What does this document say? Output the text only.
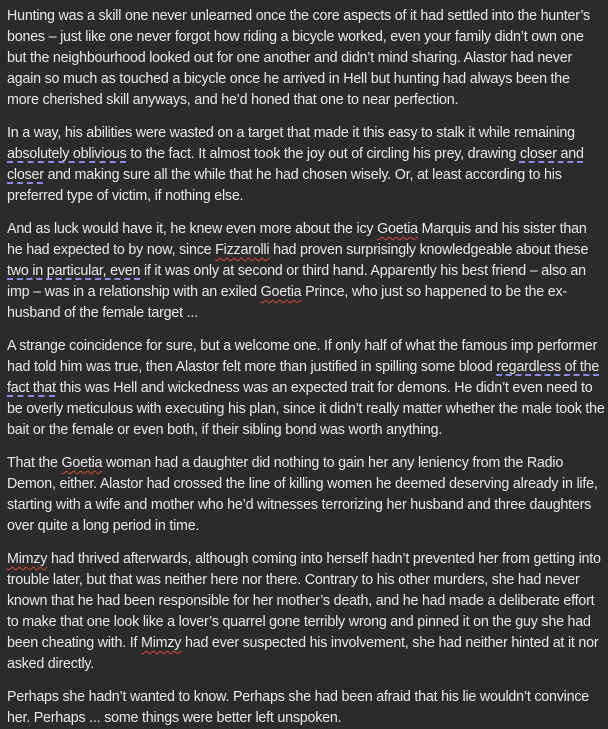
Hunting was a skill one never unlearned once the core aspects of it had settled into the hunter’s bones – just like one never forgot how riding a bicycle worked, even your family didn’t own one but the neighbourhood looked out for one another and didn’t mind sharing. Alastor had never again so much as touched a bicycle once he arrived in Hell but hunting had always been the more cherished skill anyways, and he’d honed that one to near perfection.

In a way, his abilities were wasted on a target that made it this easy to stalk it while remaining absolutely oblivious to the fact. It almost took the joy out of circling his prey, drawing closer and closer and making sure all the while that he had chosen wisely. Or, at least according to his preferred type of victim, if nothing else.

And as luck would have it, he knew even more about the icy Goetia Marquis and his sister than he had expected to by now, since Fizzarolli had proven surprisingly knowledgeable about these two in particular, even if it was only at second or third hand. Apparently his best friend – also an imp – was in a relationship with an exiled Goetia Prince, who just so happened to be the ex-husband of the female target ...

A strange coincidence for sure, but a welcome one. If only half of what the famous imp performer had told him was true, then Alastor felt more than justified in spilling some blood regardless of the fact that this was Hell and wickedness was an expected trait for demons. He didn’t even need to be overly meticulous with executing his plan, since it didn’t really matter whether the male took the bait or the female or even both, if their sibling bond was worth anything.

That the Goetia woman had a daughter did nothing to gain her any leniency from the Radio Demon, either. Alastor had crossed the line of killing women he deemed deserving already in life, starting with a wife and mother who he’d witnesses terrorizing her husband and three daughters over quite a long period in time.

Mimzy had thrived afterwards, although coming into herself hadn’t prevented her from getting into trouble later, but that was neither here nor there. Contrary to his other murders, she had never known that he had been responsible for her mother’s death, and he had made a deliberate effort to make that one look like a lover’s quarrel gone terribly wrong and pinned it on the guy she had been cheating with. If Mimzy had ever suspected his involvement, she had neither hinted at it nor asked directly.

Perhaps she hadn’t wanted to know. Perhaps she had been afraid that his lie wouldn’t convince her. Perhaps ... some things were better left unspoken.
